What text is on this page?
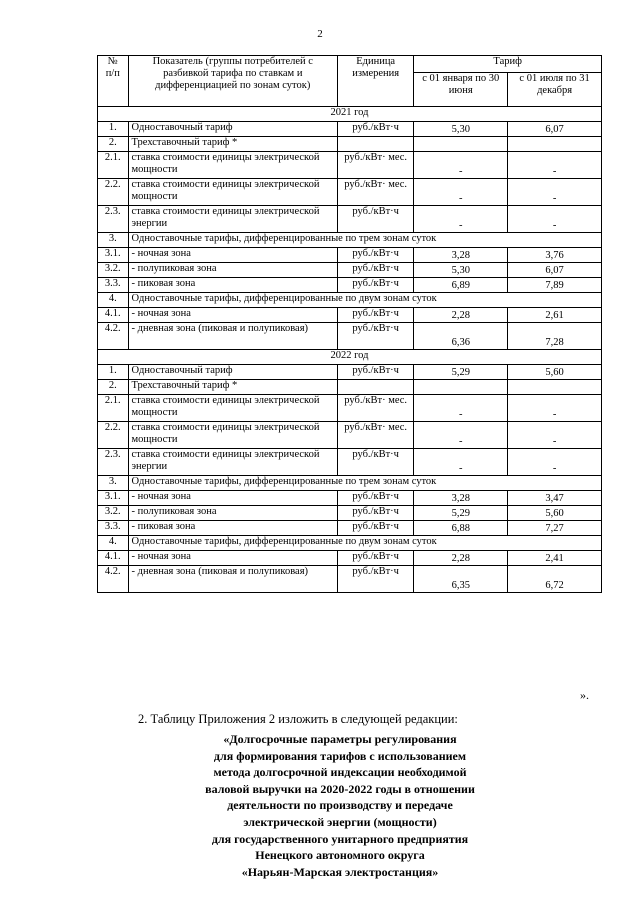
2
№
п/п	Показатель (группы потребителей с разбивкой тарифа по ставкам и дифференциацией по зонам суток)	Единица измерения	Тариф	
			с 01 января по 30 июня	с 01 июля по 31 декабря
2021 год				
1.	Одноставочный тариф	руб./кВт·ч	5,30	6,07
2.	Трехставочный тариф *			
2.1.	ставка стоимости единицы электрической мощности	руб./кВт· мес.	-	-
2.2.	ставка стоимости единицы электрической мощности	руб./кВт· мес.	-	-
2.3.	ставка стоимости единицы электрической энергии	руб./кВт·ч	-	-
3.	Одноставочные тарифы, дифференцированные по трем зонам суток			
3.1.	- ночная зона	руб./кВт·ч	3,28	3,76
3.2.	- полупиковая зона	руб./кВт·ч	5,30	6,07
3.3.	- пиковая зона	руб./кВт·ч	6,89	7,89
4.	Одноставочные тарифы, дифференцированные по двум зонам суток			
4.1.	- ночная зона	руб./кВт·ч	2,28	2,61
4.2.	- дневная зона (пиковая и полупиковая)	руб./кВт·ч	6,36	7,28
2022 год				
1.	Одноставочный тариф	руб./кВт·ч	5,29	5,60
2.	Трехставочный тариф *			
2.1.	ставка стоимости единицы электрической мощности	руб./кВт· мес.	-	-
2.2.	ставка стоимости единицы электрической мощности	руб./кВт· мес.	-	-
2.3.	ставка стоимости единицы электрической энергии	руб./кВт·ч	-	-
3.	Одноставочные тарифы, дифференцированные по трем зонам суток			
3.1.	- ночная зона	руб./кВт·ч	3,28	3,47
3.2.	- полупиковая зона	руб./кВт·ч	5,29	5,60
3.3.	- пиковая зона	руб./кВт·ч	6,88	7,27
4.	Одноставочные тарифы, дифференцированные по двум зонам суток			
4.1.	- ночная зона	руб./кВт·ч	2,28	2,41
4.2.	- дневная зона (пиковая и полупиковая)	руб./кВт·ч	6,35	6,72
».
2. Таблицу Приложения 2 изложить в следующей редакции:
«Долгосрочные параметры регулирования
для формирования тарифов с использованием
метода долгосрочной индексации необходимой
валовой выручки на 2020-2022 годы в отношении
деятельности по производству и передаче
электрической энергии (мощности)
для государственного унитарного предприятия
Ненецкого автономного округа
«Нарьян-Марская электростанция»
